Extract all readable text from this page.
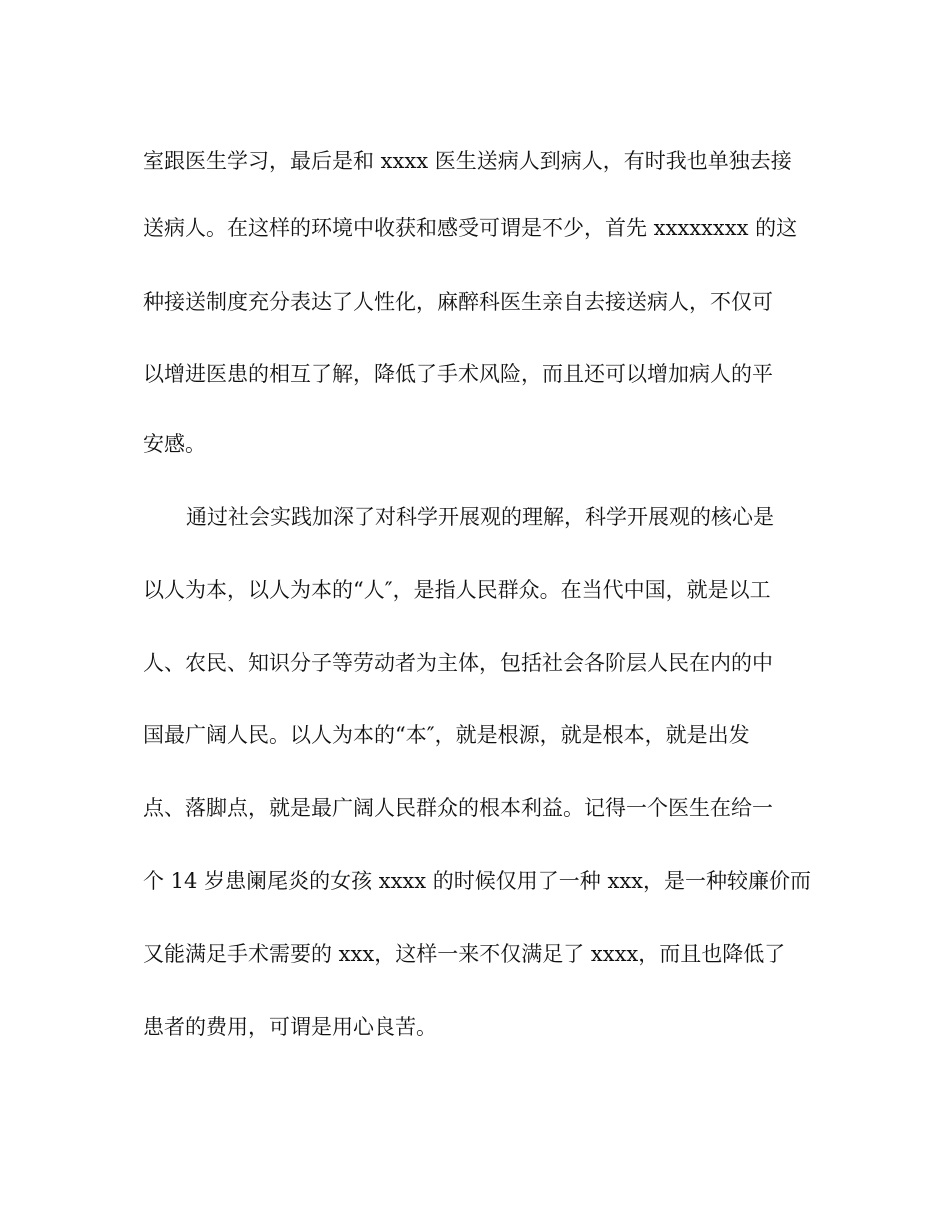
室跟医生学习，最后是和 xxxx 医生送病人到病人，有时我也单独去接
送病人。在这样的环境中收获和感受可谓是不少，首先 xxxxxxxx 的这
种接送制度充分表达了人性化，麻醉科医生亲自去接送病人，不仅可
以增进医患的相互了解，降低了手术风险，而且还可以增加病人的平
安感。
通过社会实践加深了对科学开展观的理解，科学开展观的核心是
以人为本，以人为本的“人″，是指人民群众。在当代中国，就是以工
人、农民、知识分子等劳动者为主体，包括社会各阶层人民在内的中
国最广阔人民。以人为本的“本″，就是根源，就是根本，就是出发
点、落脚点，就是最广阔人民群众的根本利益。记得一个医生在给一
个 14 岁患阑尾炎的女孩 xxxx 的时候仅用了一种 xxx，是一种较廉价而
又能满足手术需要的 xxx，这样一来不仅满足了 xxxx，而且也降低了
患者的费用，可谓是用心良苦。
